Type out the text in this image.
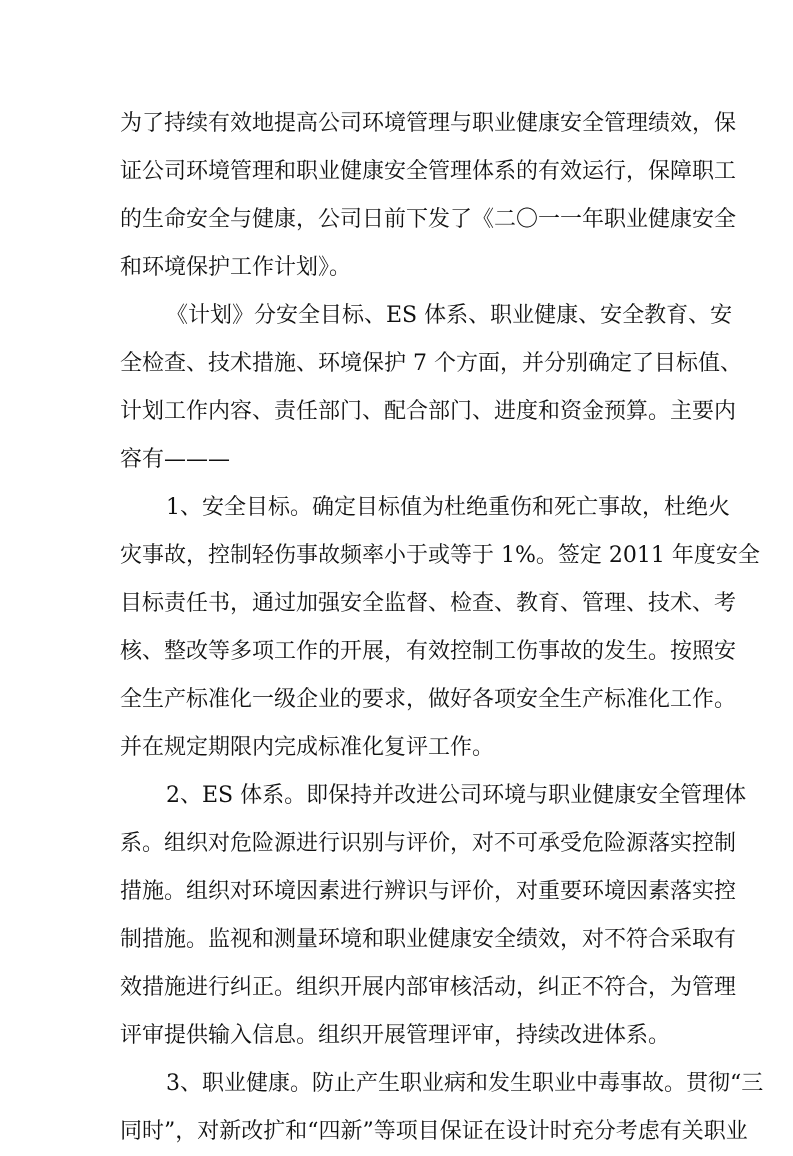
为了持续有效地提高公司环境管理与职业健康安全管理绩效，保
证公司环境管理和职业健康安全管理体系的有效运行，保障职工
的生命安全与健康，公司日前下发了《二〇一一年职业健康安全
和环境保护工作计划》。
《计划》分安全目标、ES 体系、职业健康、安全教育、安
全检查、技术措施、环境保护 7 个方面，并分别确定了目标值、
计划工作内容、责任部门、配合部门、进度和资金预算。主要内
容有———
1、安全目标。确定目标值为杜绝重伤和死亡事故，杜绝火
灾事故，控制轻伤事故频率小于或等于 1%。签定 2011 年度安全
目标责任书，通过加强安全监督、检查、教育、管理、技术、考
核、整改等多项工作的开展，有效控制工伤事故的发生。按照安
全生产标准化一级企业的要求，做好各项安全生产标准化工作。
并在规定期限内完成标准化复评工作。
2、ES 体系。即保持并改进公司环境与职业健康安全管理体
系。组织对危险源进行识别与评价，对不可承受危险源落实控制
措施。组织对环境因素进行辨识与评价，对重要环境因素落实控
制措施。监视和测量环境和职业健康安全绩效，对不符合采取有
效措施进行纠正。组织开展内部审核活动，纠正不符合，为管理
评审提供输入信息。组织开展管理评审，持续改进体系。
3、职业健康。防止产生职业病和发生职业中毒事故。贯彻“三
同时”，对新改扩和“四新”等项目保证在设计时充分考虑有关职业
